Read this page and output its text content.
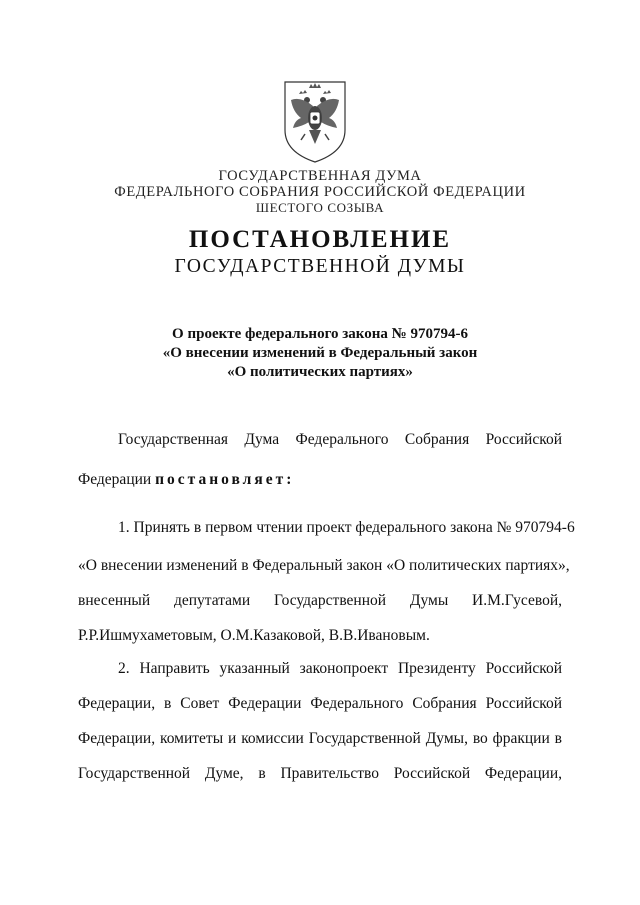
ГОСУДАРСТВЕННАЯ ДУМА
ФЕДЕРАЛЬНОГО СОБРАНИЯ РОССИЙСКОЙ ФЕДЕРАЦИИ
ШЕСТОГО СОЗЫВА
ПОСТАНОВЛЕНИЕ
ГОСУДАРСТВЕННОЙ ДУМЫ
О проекте федерального закона № 970794-6
«О внесении изменений в Федеральный закон
«О политических партиях»
Государственная Дума Федерального Собрания Российской
Федерации постановляет:
1. Принять в первом чтении проект федерального закона № 970794-6
«О внесении изменений в Федеральный закон «О политических партиях»,
внесенный депутатами Государственной Думы И.М.Гусевой,
Р.Р.Ишмухаметовым, О.М.Казаковой, В.В.Ивановым.
2. Направить указанный законопроект Президенту Российской
Федерации, в Совет Федерации Федерального Собрания Российской
Федерации, комитеты и комиссии Государственной Думы, во фракции в
Государственной Думе, в Правительство Российской Федерации,
